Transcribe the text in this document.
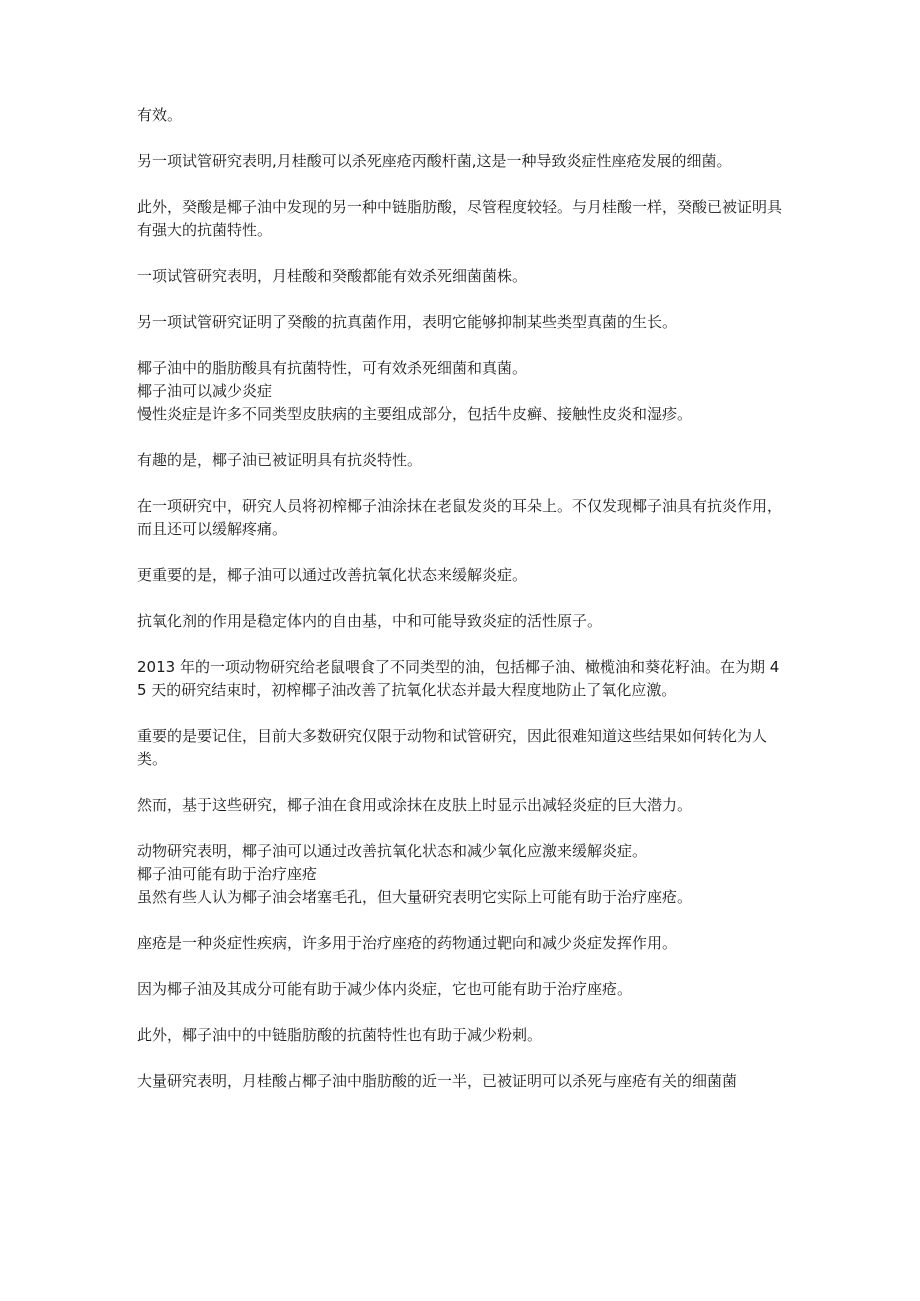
有效。

另一项试管研究表明,月桂酸可以杀死座疮丙酸杆菌,这是一种导致炎症性座疮发展的细菌。

此外，癸酸是椰子油中发现的另一种中链脂肪酸，尽管程度较轻。与月桂酸一样，癸酸已被证明具有强大的抗菌特性。

一项试管研究表明，月桂酸和癸酸都能有效杀死细菌菌株。

另一项试管研究证明了癸酸的抗真菌作用，表明它能够抑制某些类型真菌的生长。

椰子油中的脂肪酸具有抗菌特性，可有效杀死细菌和真菌。

椰子油可以减少炎症

慢性炎症是许多不同类型皮肤病的主要组成部分，包括牛皮癣、接触性皮炎和湿疹。

有趣的是，椰子油已被证明具有抗炎特性。

在一项研究中，研究人员将初榨椰子油涂抹在老鼠发炎的耳朵上。不仅发现椰子油具有抗炎作用，而且还可以缓解疼痛。

更重要的是，椰子油可以通过改善抗氧化状态来缓解炎症。

抗氧化剂的作用是稳定体内的自由基，中和可能导致炎症的活性原子。

2013 年的一项动物研究给老鼠喂食了不同类型的油，包括椰子油、橄榄油和葵花籽油。在为期 45 天的研究结束时，初榨椰子油改善了抗氧化状态并最大程度地防止了氧化应激。

重要的是要记住，目前大多数研究仅限于动物和试管研究，因此很难知道这些结果如何转化为人类。

然而，基于这些研究，椰子油在食用或涂抹在皮肤上时显示出减轻炎症的巨大潜力。

动物研究表明，椰子油可以通过改善抗氧化状态和减少氧化应激来缓解炎症。

椰子油可能有助于治疗座疮

虽然有些人认为椰子油会堵塞毛孔，但大量研究表明它实际上可能有助于治疗座疮。

座疮是一种炎症性疾病，许多用于治疗座疮的药物通过靶向和减少炎症发挥作用。

因为椰子油及其成分可能有助于减少体内炎症，它也可能有助于治疗座疮。

此外，椰子油中的中链脂肪酸的抗菌特性也有助于减少粉刺。

大量研究表明，月桂酸占椰子油中脂肪酸的近一半，已被证明可以杀死与座疮有关的细菌菌
